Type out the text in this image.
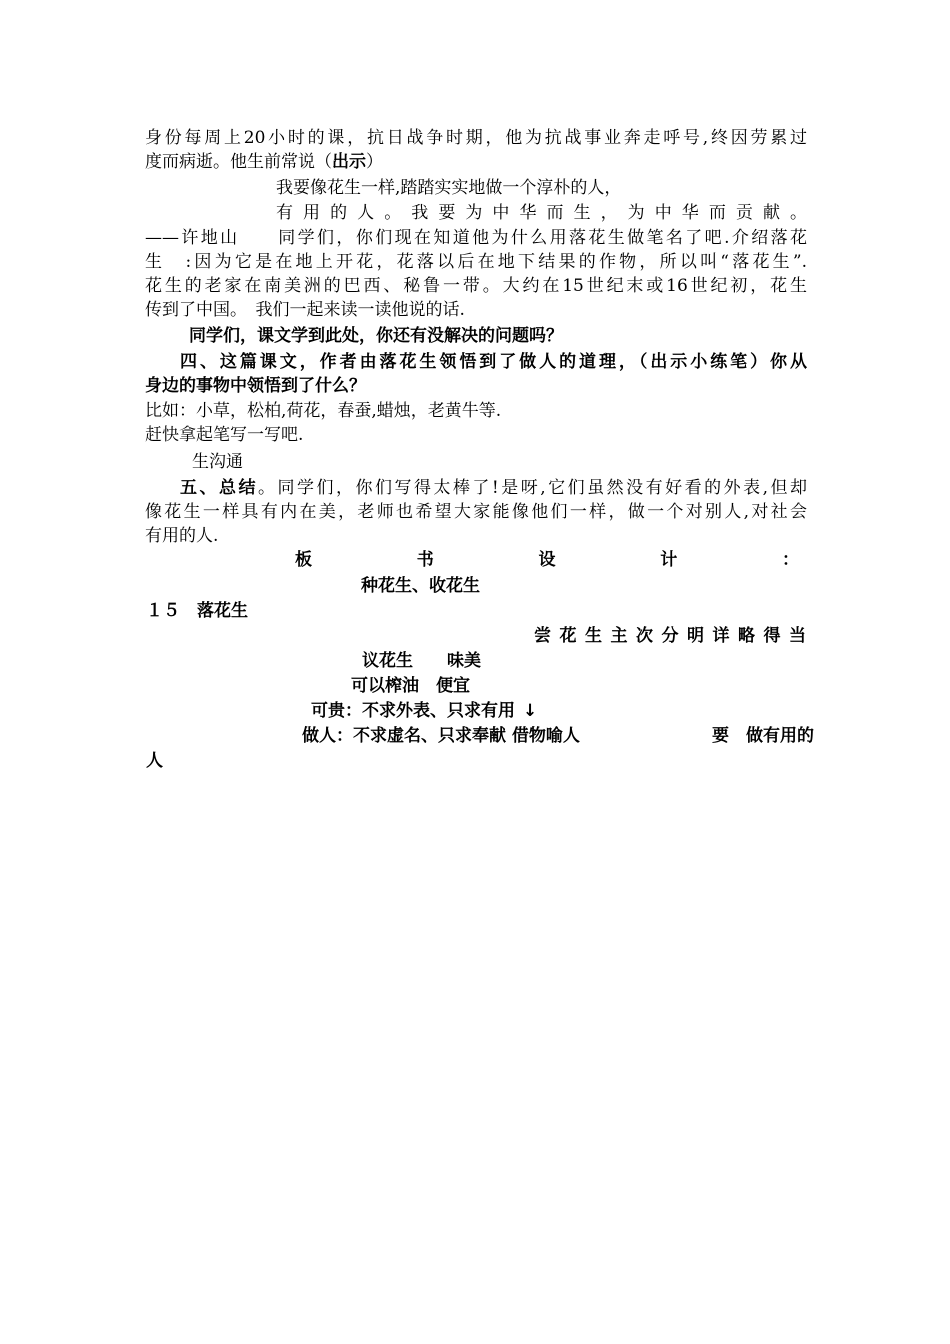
身份每周上20小时的课，抗日战争时期，他为抗战事业奔走呼号,终因劳累过
度而病逝。他生前常说（出示）
我要像花生一样,踏踏实实地做一个淳朴的人，
有用的人。我要为中华而生，为中华而贡献。
——许地山　　同学们，你们现在知道他为什么用落花生做笔名了吧.介绍落花
生　:因为它是在地上开花，花落以后在地下结果的作物，所以叫“落花生”.
花生的老家在南美洲的巴西、秘鲁一带。大约在15世纪末或16世纪初，花生
传到了中国。　我们一起来读一读他说的话.
同学们，课文学到此处，你还有没解决的问题吗？
四、这篇课文，作者由落花生领悟到了做人的道理，（出示小练笔）你从
身边的事物中领悟到了什么？
比如：小草，松柏,荷花，春蚕,蜡烛，老黄牛等.
赶快拿起笔写一写吧.
生沟通
五、总结。同学们，你们写得太棒了!是呀,它们虽然没有好看的外表,但却
像花生一样具有内在美，老师也希望大家能像他们一样，做一个对别人,对社会
有用的人.
板书设计：
种花生、收花生
１５　落花生
尝花生主次分明详略得当
议花生　　味美
可以榨油　便宜
可贵：不求外表、只求有用 ↓
做人：不求虚名、只求奉献 借物喻人	要　做有用的
人
